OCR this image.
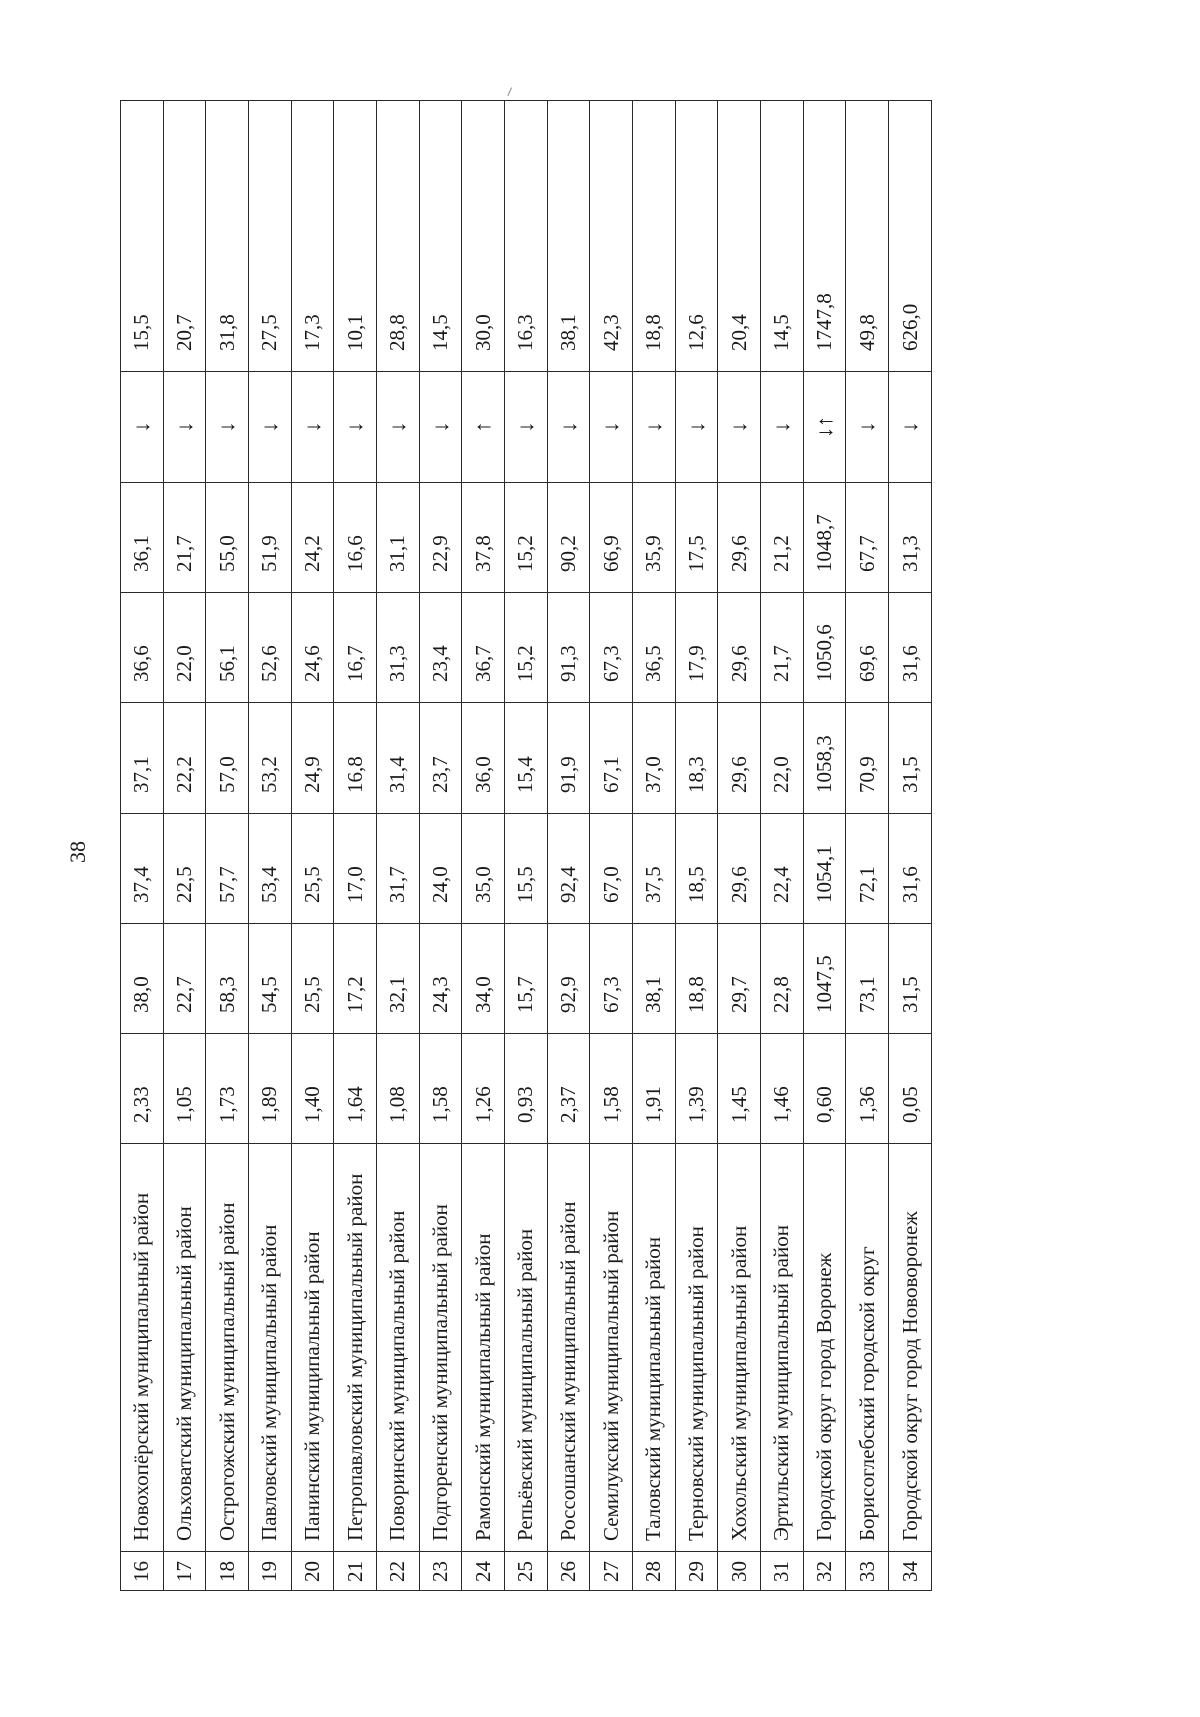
38
16	Новохопёрский муниципальный район	2,33	38,0	37,4	37,1	36,6	36,1	↓	15,5
17	Ольховатский муниципальный район	1,05	22,7	22,5	22,2	22,0	21,7	↓	20,7
18	Острогожский муниципальный район	1,73	58,3	57,7	57,0	56,1	55,0	↓	31,8
19	Павловский муниципальный район	1,89	54,5	53,4	53,2	52,6	51,9	↓	27,5
20	Панинский муниципальный район	1,40	25,5	25,5	24,9	24,6	24,2	↓	17,3
21	Петропавловский муниципальный район	1,64	17,2	17,0	16,8	16,7	16,6	↓	10,1
22	Поворинский муниципальный район	1,08	32,1	31,7	31,4	31,3	31,1	↓	28,8
23	Подгоренский муниципальный район	1,58	24,3	24,0	23,7	23,4	22,9	↓	14,5
24	Рамонский муниципальный район	1,26	34,0	35,0	36,0	36,7	37,8	↑	30,0
25	Репьёвский муниципальный район	0,93	15,7	15,5	15,4	15,2	15,2	↓	16,3
26	Россошанский муниципальный район	2,37	92,9	92,4	91,9	91,3	90,2	↓	38,1
27	Семилукский муниципальный район	1,58	67,3	67,0	67,1	67,3	66,9	↓	42,3
28	Таловский муниципальный район	1,91	38,1	37,5	37,0	36,5	35,9	↓	18,8
29	Терновский муниципальный район	1,39	18,8	18,5	18,3	17,9	17,5	↓	12,6
30	Хохольский муниципальный район	1,45	29,7	29,6	29,6	29,6	29,6	↓	20,4
31	Эртильский муниципальный район	1,46	22,8	22,4	22,0	21,7	21,2	↓	14,5
32	Городской округ город Воронеж	0,60	1047,5	1054,1	1058,3	1050,6	1048,7	↓↑	1747,8
33	Борисоглебский городской округ	1,36	73,1	72,1	70,9	69,6	67,7	↓	49,8
34	Городской округ город Нововоронеж	0,05	31,5	31,6	31,5	31,6	31,3	↓	626,0
